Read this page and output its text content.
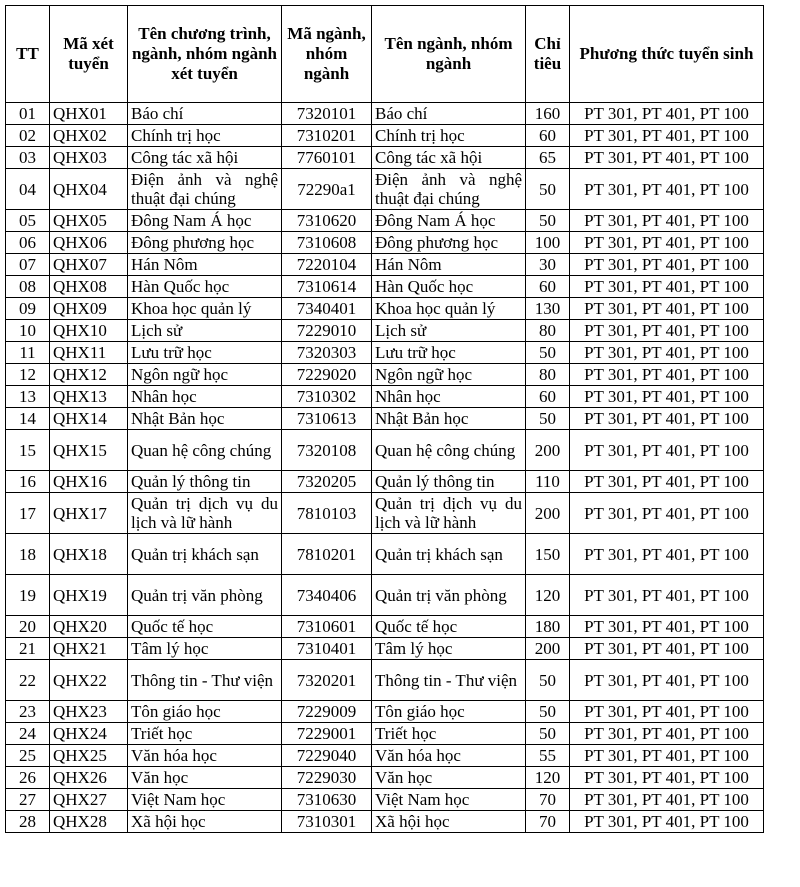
TT	Mã xét tuyển	Tên chương trình, ngành, nhóm ngành xét tuyển	Mã ngành, nhóm ngành	Tên ngành, nhóm ngành	Chỉ tiêu	Phương thức tuyển sinh
01	QHX01	Báo chí	7320101	Báo chí	160	PT 301, PT 401, PT 100
02	QHX02	Chính trị học	7310201	Chính trị học	60	PT 301, PT 401, PT 100
03	QHX03	Công tác xã hội	7760101	Công tác xã hội	65	PT 301, PT 401, PT 100
04	QHX04	Điện ảnh và nghệ thuật đại chúng	72290a1	Điện ảnh và nghệ thuật đại chúng	50	PT 301, PT 401, PT 100
05	QHX05	Đông Nam Á học	7310620	Đông Nam Á học	50	PT 301, PT 401, PT 100
06	QHX06	Đông phương học	7310608	Đông phương học	100	PT 301, PT 401, PT 100
07	QHX07	Hán Nôm	7220104	Hán Nôm	30	PT 301, PT 401, PT 100
08	QHX08	Hàn Quốc học	7310614	Hàn Quốc học	60	PT 301, PT 401, PT 100
09	QHX09	Khoa học quản lý	7340401	Khoa học quản lý	130	PT 301, PT 401, PT 100
10	QHX10	Lịch sử	7229010	Lịch sử	80	PT 301, PT 401, PT 100
11	QHX11	Lưu trữ học	7320303	Lưu trữ học	50	PT 301, PT 401, PT 100
12	QHX12	Ngôn ngữ học	7229020	Ngôn ngữ học	80	PT 301, PT 401, PT 100
13	QHX13	Nhân học	7310302	Nhân học	60	PT 301, PT 401, PT 100
14	QHX14	Nhật Bản học	7310613	Nhật Bản học	50	PT 301, PT 401, PT 100
15	QHX15	Quan hệ công chúng	7320108	Quan hệ công chúng	200	PT 301, PT 401, PT 100
16	QHX16	Quản lý thông tin	7320205	Quản lý thông tin	110	PT 301, PT 401, PT 100
17	QHX17	Quản trị dịch vụ du lịch và lữ hành	7810103	Quản trị dịch vụ du lịch và lữ hành	200	PT 301, PT 401, PT 100
18	QHX18	Quản trị khách sạn	7810201	Quản trị khách sạn	150	PT 301, PT 401, PT 100
19	QHX19	Quản trị văn phòng	7340406	Quản trị văn phòng	120	PT 301, PT 401, PT 100
20	QHX20	Quốc tế học	7310601	Quốc tế học	180	PT 301, PT 401, PT 100
21	QHX21	Tâm lý học	7310401	Tâm lý học	200	PT 301, PT 401, PT 100
22	QHX22	Thông tin - Thư viện	7320201	Thông tin - Thư viện	50	PT 301, PT 401, PT 100
23	QHX23	Tôn giáo học	7229009	Tôn giáo học	50	PT 301, PT 401, PT 100
24	QHX24	Triết học	7229001	Triết học	50	PT 301, PT 401, PT 100
25	QHX25	Văn hóa học	7229040	Văn hóa học	55	PT 301, PT 401, PT 100
26	QHX26	Văn học	7229030	Văn học	120	PT 301, PT 401, PT 100
27	QHX27	Việt Nam học	7310630	Việt Nam học	70	PT 301, PT 401, PT 100
28	QHX28	Xã hội học	7310301	Xã hội học	70	PT 301, PT 401, PT 100
